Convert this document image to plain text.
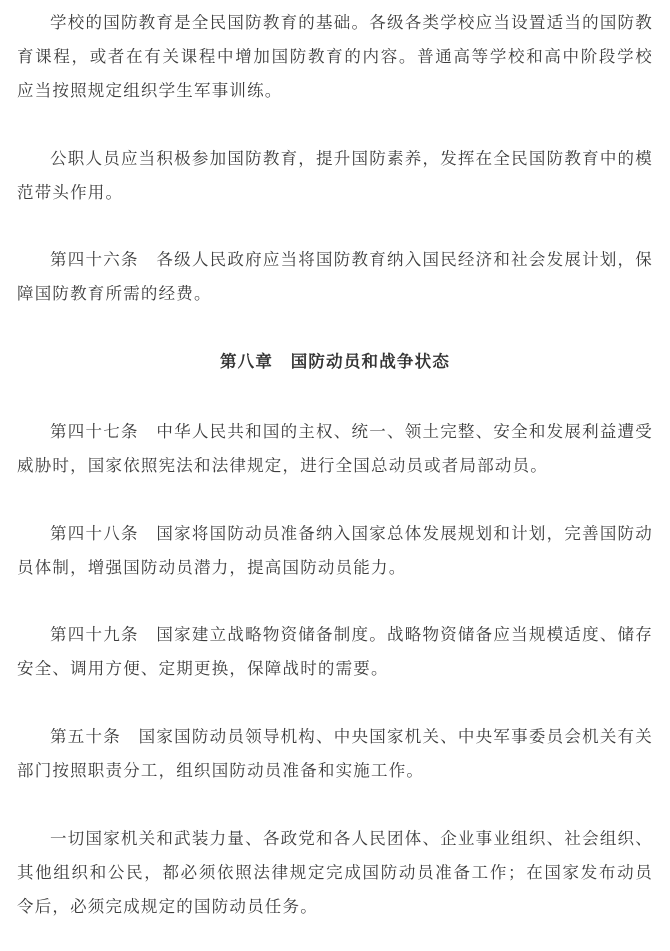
学校的国防教育是全民国防教育的基础。各级各类学校应当设置适当的国防教育课程，或者在有关课程中增加国防教育的内容。普通高等学校和高中阶段学校应当按照规定组织学生军事训练。

公职人员应当积极参加国防教育，提升国防素养，发挥在全民国防教育中的模范带头作用。

第四十六条　各级人民政府应当将国防教育纳入国民经济和社会发展计划，保障国防教育所需的经费。

第八章　国防动员和战争状态

第四十七条　中华人民共和国的主权、统一、领土完整、安全和发展利益遭受威胁时，国家依照宪法和法律规定，进行全国总动员或者局部动员。

第四十八条　国家将国防动员准备纳入国家总体发展规划和计划，完善国防动员体制，增强国防动员潜力，提高国防动员能力。

第四十九条　国家建立战略物资储备制度。战略物资储备应当规模适度、储存安全、调用方便、定期更换，保障战时的需要。

第五十条　国家国防动员领导机构、中央国家机关、中央军事委员会机关有关部门按照职责分工，组织国防动员准备和实施工作。

一切国家机关和武装力量、各政党和各人民团体、企业事业组织、社会组织、其他组织和公民，都必须依照法律规定完成国防动员准备工作；在国家发布动员令后，必须完成规定的国防动员任务。
